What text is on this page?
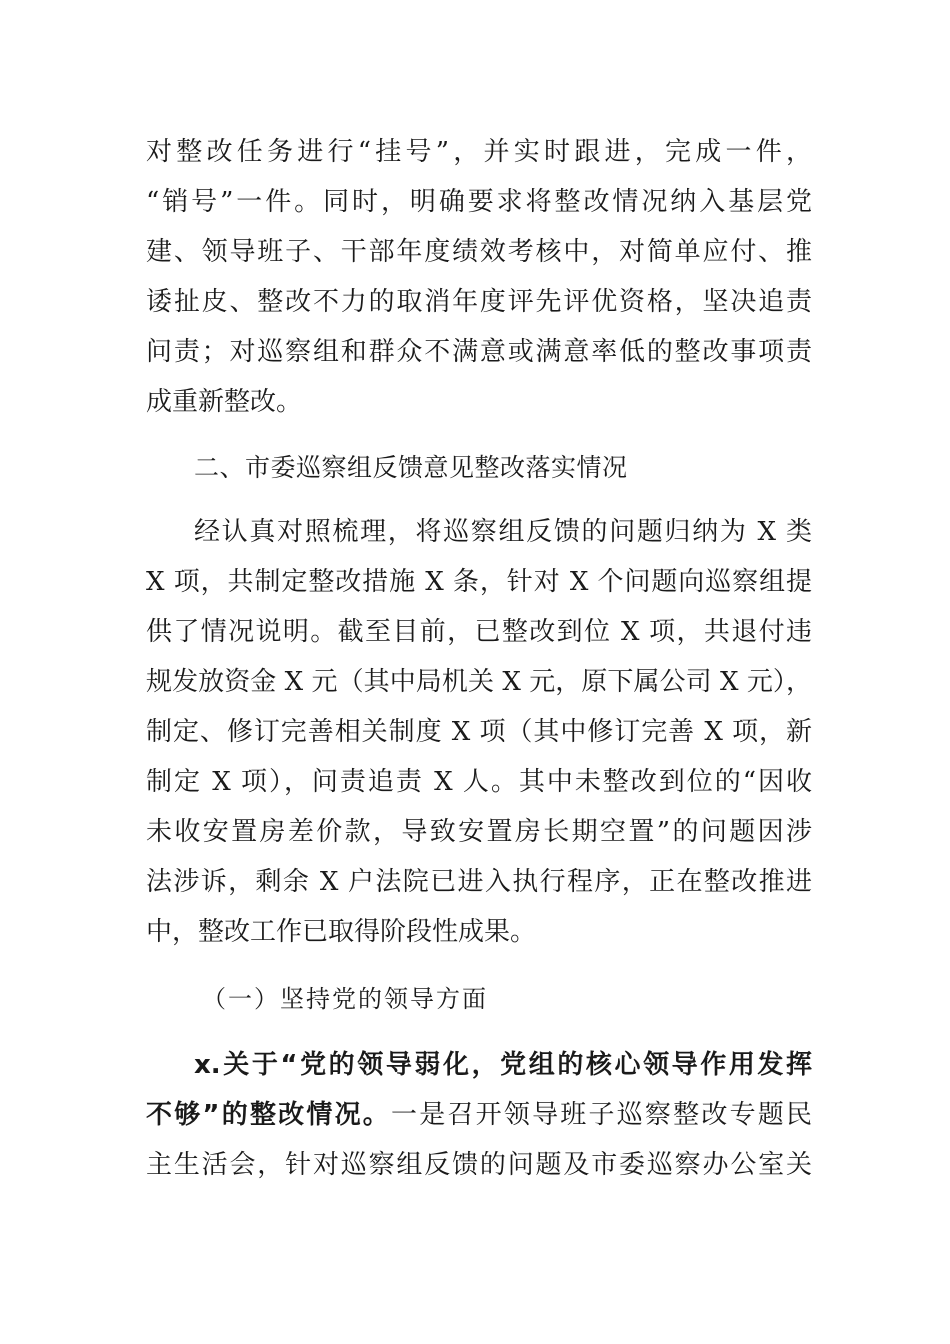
对整改任务进行“挂号”，并实时跟进，完成一件，
“销号”一件。同时，明确要求将整改情况纳入基层党
建、领导班子、干部年度绩效考核中，对简单应付、推
诿扯皮、整改不力的取消年度评先评优资格，坚决追责
问责；对巡察组和群众不满意或满意率低的整改事项责
成重新整改。
二、市委巡察组反馈意见整改落实情况
经认真对照梳理，将巡察组反馈的问题归纳为 X 类
X 项，共制定整改措施 X 条，针对 X 个问题向巡察组提
供了情况说明。截至目前，已整改到位 X 项，共退付违
规发放资金 X 元（其中局机关 X 元，原下属公司 X 元），
制定、修订完善相关制度 X 项（其中修订完善 X 项，新
制定 X 项），问责追责 X 人。其中未整改到位的“因收
未收安置房差价款，导致安置房长期空置”的问题因涉
法涉诉，剩余 X 户法院已进入执行程序，正在整改推进
中，整改工作已取得阶段性成果。
（一）坚持党的领导方面
x.关于“党的领导弱化，党组的核心领导作用发挥
不够”的整改情况。一是召开领导班子巡察整改专题民
主生活会，针对巡察组反馈的问题及市委巡察办公室关
